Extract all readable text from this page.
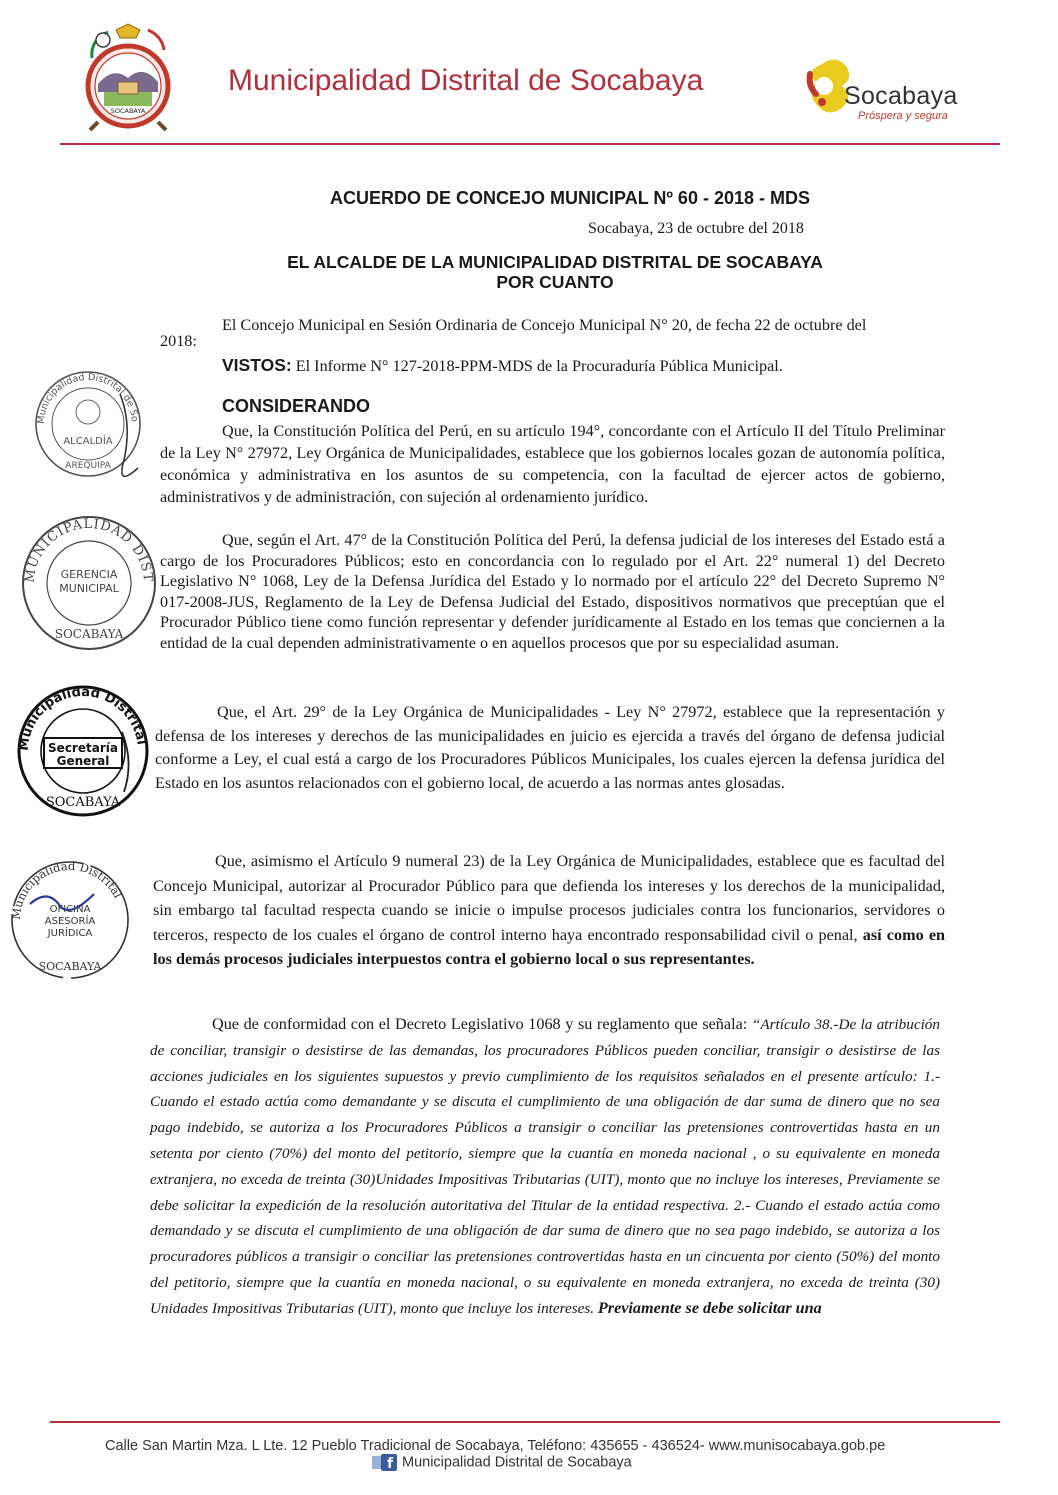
SOCABAYA
Municipalidad Distrital de Socabaya	Socabaya
Próspera y segura
ACUERDO DE CONCEJO MUNICIPAL Nº 60 - 2018 - MDS
Socabaya, 23 de octubre del 2018
EL ALCALDE DE LA MUNICIPALIDAD DISTRITAL DE SOCABAYA
POR CUANTO
El Concejo Municipal en Sesión Ordinaria de Concejo Municipal N° 20, de fecha 22 de octubre del
2018:
VISTOS: El Informe N° 127-2018-PPM-MDS de la Procuraduría Pública Municipal.
CONSIDERANDO

Que, la Constitución Política del Perú, en su artículo 194°, concordante con el Artículo II del Título Preliminar de la Ley N° 27972, Ley Orgánica de Municipalidades, establece que los gobiernos locales gozan de autonomía política, económica y administrativa en los asuntos de su competencia, con la facultad de ejercer actos de gobierno, administrativos y de administración, con sujeción al ordenamiento jurídico.

Que, según el Art. 47° de la Constitución Política del Perú, la defensa judicial de los intereses del Estado está a cargo de los Procuradores Públicos; esto en concordancia con lo regulado por el Art. 22° numeral 1) del Decreto Legislativo N° 1068, Ley de la Defensa Jurídica del Estado y lo normado por el artículo 22° del Decreto Supremo N° 017-2008-JUS, Reglamento de la Ley de Defensa Judicial del Estado, dispositivos normativos que preceptúan que el Procurador Público tiene como función representar y defender jurídicamente al Estado en los temas que conciernen a la entidad de la cual dependen administrativamente o en aquellos procesos que por su especialidad asuman.

Que, el Art. 29° de la Ley Orgánica de Municipalidades - Ley N° 27972, establece que la representación y defensa de los intereses y derechos de las municipalidades en juicio es ejercida a través del órgano de defensa judicial conforme a Ley, el cual está a cargo de los Procuradores Públicos Municipales, los cuales ejercen la defensa jurídica del Estado en los asuntos relacionados con el gobierno local, de acuerdo a las normas antes glosadas.

Que, asimismo el Artículo 9 numeral 23) de la Ley Orgánica de Municipalidades, establece que es facultad del Concejo Municipal, autorizar al Procurador Público para que defienda los intereses y los derechos de la municipalidad, sin embargo tal facultad respecta cuando se inicie o impulse procesos judiciales contra los funcionarios, servidores o terceros, respecto de los cuales el órgano de control interno haya encontrado responsabilidad civil o penal, así como en los demás procesos judiciales interpuestos contra el gobierno local o sus representantes.

Que de conformidad con el Decreto Legislativo 1068 y su reglamento que señala: “Artículo 38.-De la atribución de conciliar, transigir o desistirse de las demandas, los procuradores Públicos pueden conciliar, transigir o desistirse de las acciones judiciales en los siguientes supuestos y previo cumplimiento de los requisitos señalados en el presente artículo: 1.- Cuando el estado actúa como demandante y se discuta el cumplimiento de una obligación de dar suma de dinero que no sea pago indebido, se autoriza a los Procuradores Públicos a transigir o conciliar las pretensiones controvertidas hasta en un setenta por ciento (70%) del monto del petitorio, siempre que la cuantía en moneda nacional , o su equivalente en moneda extranjera, no exceda de treinta (30)Unidades Impositivas Tributarias (UIT), monto que no incluye los intereses, Previamente se debe solicitar la expedición de la resolución autoritativa del Titular de la entidad respectiva. 2.- Cuando el estado actúa como demandado y se discuta el cumplimiento de una obligación de dar suma de dinero que no sea pago indebido, se autoriza a los procuradores públicos a transigir o conciliar las pretensiones controvertidas hasta en un cincuenta por ciento (50%) del monto del petitorio, siempre que la cuantía en moneda nacional, o su equivalente en moneda extranjera, no exceda de treinta (30) Unidades Impositivas Tributarias (UIT), monto que incluye los intereses. Previamente se debe solicitar una

Municipalidad Distrital de So
ALCALDÍA
AREQUIPA
MUNICIPALIDAD DIST
GERENCIA
MUNICIPAL
SOCABAYA
Municipalidad Distrital
Secretaría
General
SOCABAYA
Municipalidad Distrital
OFICINA
ASESORÍA
JURÍDICA
SOCABAYA
Calle San Martin Mza. L Lte. 12 Pueblo Tradicional de Socabaya, Teléfono: 435655 - 436524- www.munisocabaya.gob.pe
f Municipalidad Distrital de Socabaya
